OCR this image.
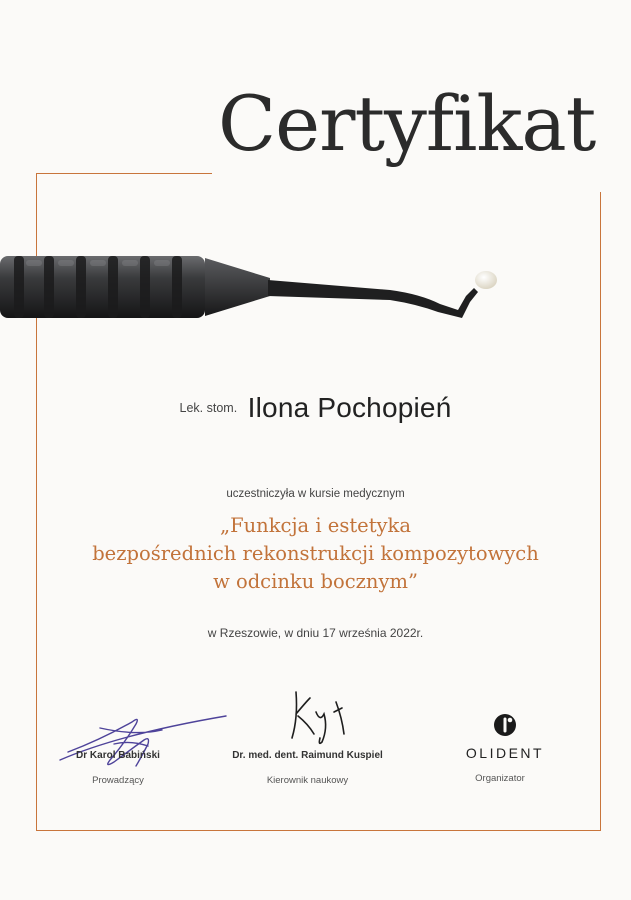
Certyfikat
Lek. stom. Ilona Pochopień
uczestniczyła w kursie medycznym
„Funkcja i estetyka
bezpośrednich rekonstrukcji kompozytowych
w odcinku bocznym”
w Rzeszowie, w dniu 17 września 2022r.
Dr Karol Babiński
Prowadzący
Dr. med. dent. Raimund Kuspiel
Kierownik naukowy
OLIDENT
Organizator
